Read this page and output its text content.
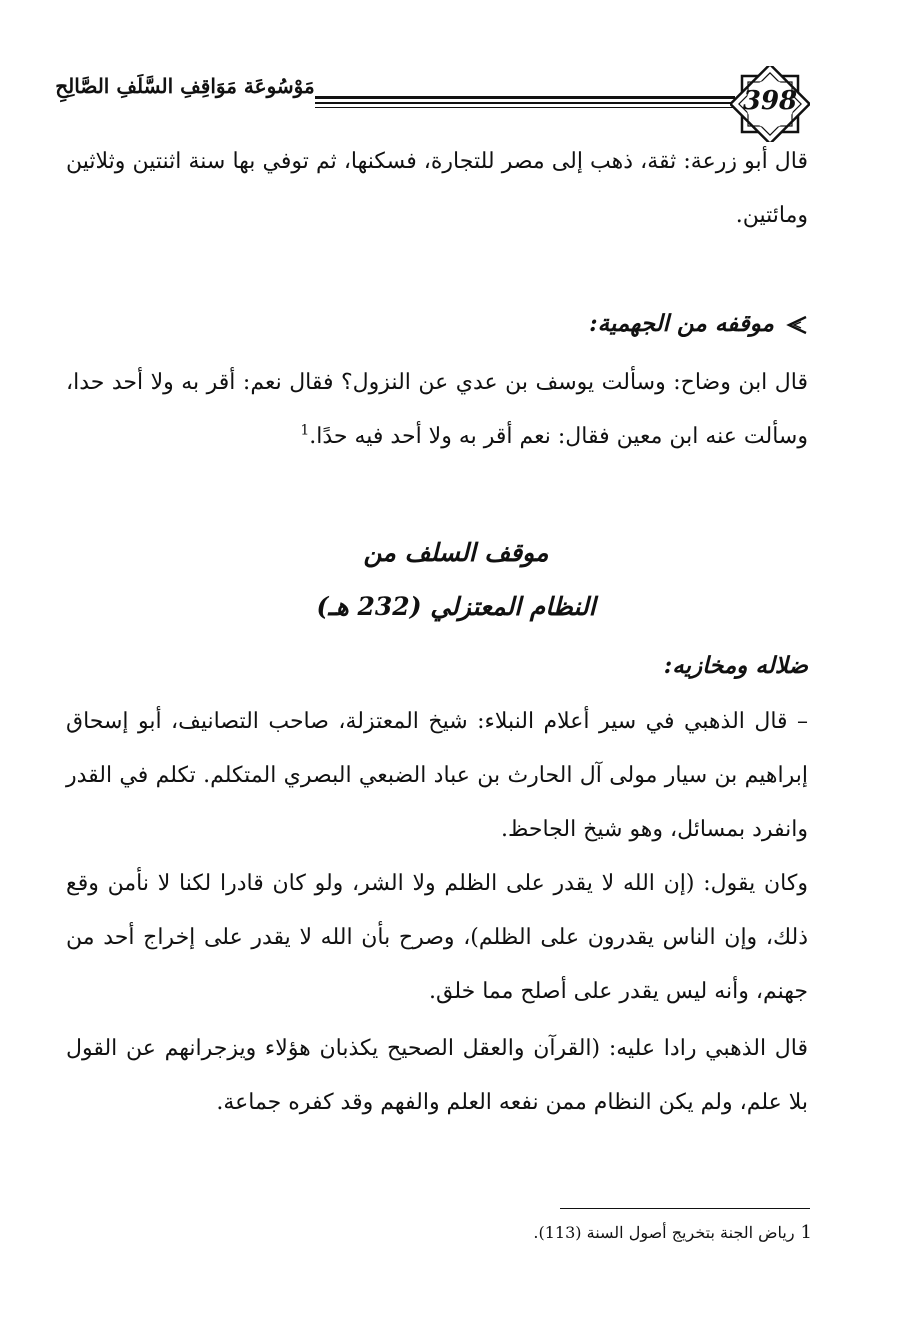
مَوْسُوعَة مَوَاقِفِ السَّلَفِ الصَّالِحِ	398

قال أبو زرعة: ثقة، ذهب إلى مصر للتجارة، فسكنها، ثم توفي بها سنة اثنتين وثلاثين ومائتين.

موقفه من الجهمية:

قال ابن وضاح: وسألت يوسف بن عدي عن النزول؟ فقال نعم: أقر به ولا أحد حدا، وسألت عنه ابن معين فقال: نعم أقر به ولا أحد فيه حدًا.$^1$

موقف السلف من

النظام المعتزلي (232 هـ)

ضلاله ومخازيه:

– قال الذهبي في سير أعلام النبلاء: شيخ المعتزلة، صاحب التصانيف، أبو إسحاق إبراهيم بن سيار مولى آل الحارث بن عباد الضبعي البصري المتكلم. تكلم في القدر وانفرد بمسائل، وهو شيخ الجاحظ.

وكان يقول: (إن الله لا يقدر على الظلم ولا الشر، ولو كان قادرا لكنا لا نأمن وقع ذلك، وإن الناس يقدرون على الظلم)، وصرح بأن الله لا يقدر على إخراج أحد من جهنم، وأنه ليس يقدر على أصلح مما خلق.

قال الذهبي رادا عليه: (القرآن والعقل الصحيح يكذبان هؤلاء ويزجرانهم عن القول بلا علم، ولم يكن النظام ممن نفعه العلم والفهم وقد كفره جماعة.

1رياض الجنة بتخريج أصول السنة (113).
